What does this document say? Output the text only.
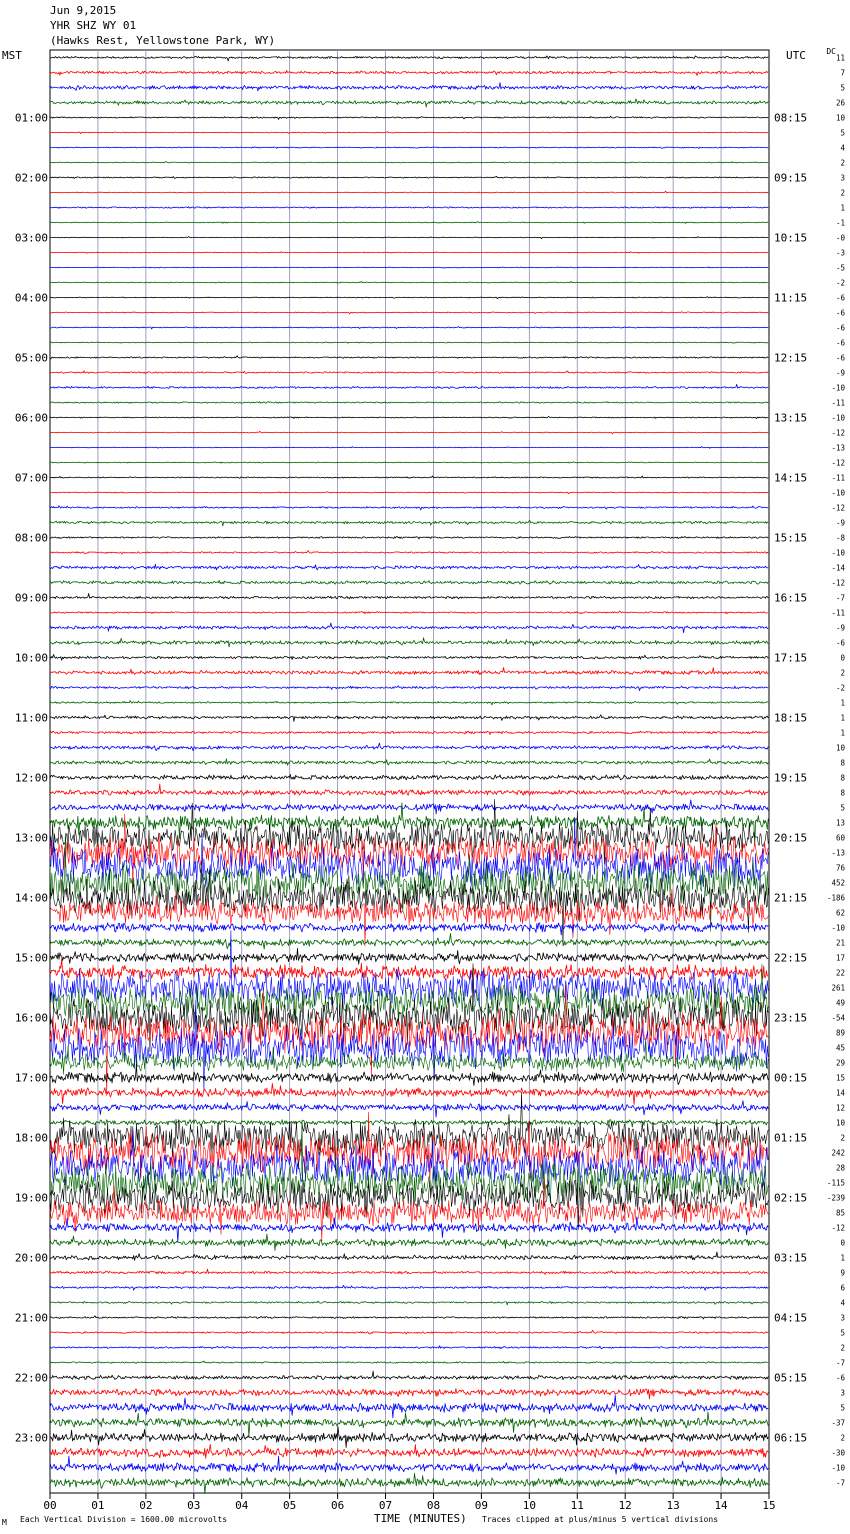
Jun 9,2015
YHR SHZ WY 01
(Hawks Rest, Yellowstone Park, WY)
MST	UTC	DC
01:00
02:00
03:00
04:00
05:00
06:00
07:00
08:00
09:00
10:00
11:00
12:00
13:00
14:00
15:00
16:00
17:00
18:00
19:00
20:00
21:00
22:00
23:00
08:15
09:15
10:15
11:15
12:15
13:15
14:15
15:15
16:15
17:15
18:15
19:15
20:15
21:15
22:15
23:15
00:15
01:15
02:15
03:15
04:15
05:15
06:15
11
7
5
26
10
5
4
2
3
2
1
-1
-0
-3
-5
-2
-6
-6
-6
-6
-6
-9
-10
-11
-10
-12
-13
-12
-11
-10
-12
-9
-8
-10
-14
-12
-7
-11
-9
-6
0
2
-2
1
1
1
10
8
8
8
5
13
60
-13
76
452
-186
62
-10
21
17
22
261
49
-54
89
45
29
15
14
12
10
2
242
28
-115
-239
85
-12
0
1
9
6
4
3
5
2
-7
-6
3
5
-37
2
-30
-10
-7
00	01	02	03	04	05	06	07	08	09	10	11	12	13	14	15
M Each Vertical Division = 1600.00 microvolts	TIME (MINUTES) Traces clipped at plus/minus 5 vertical divisions
